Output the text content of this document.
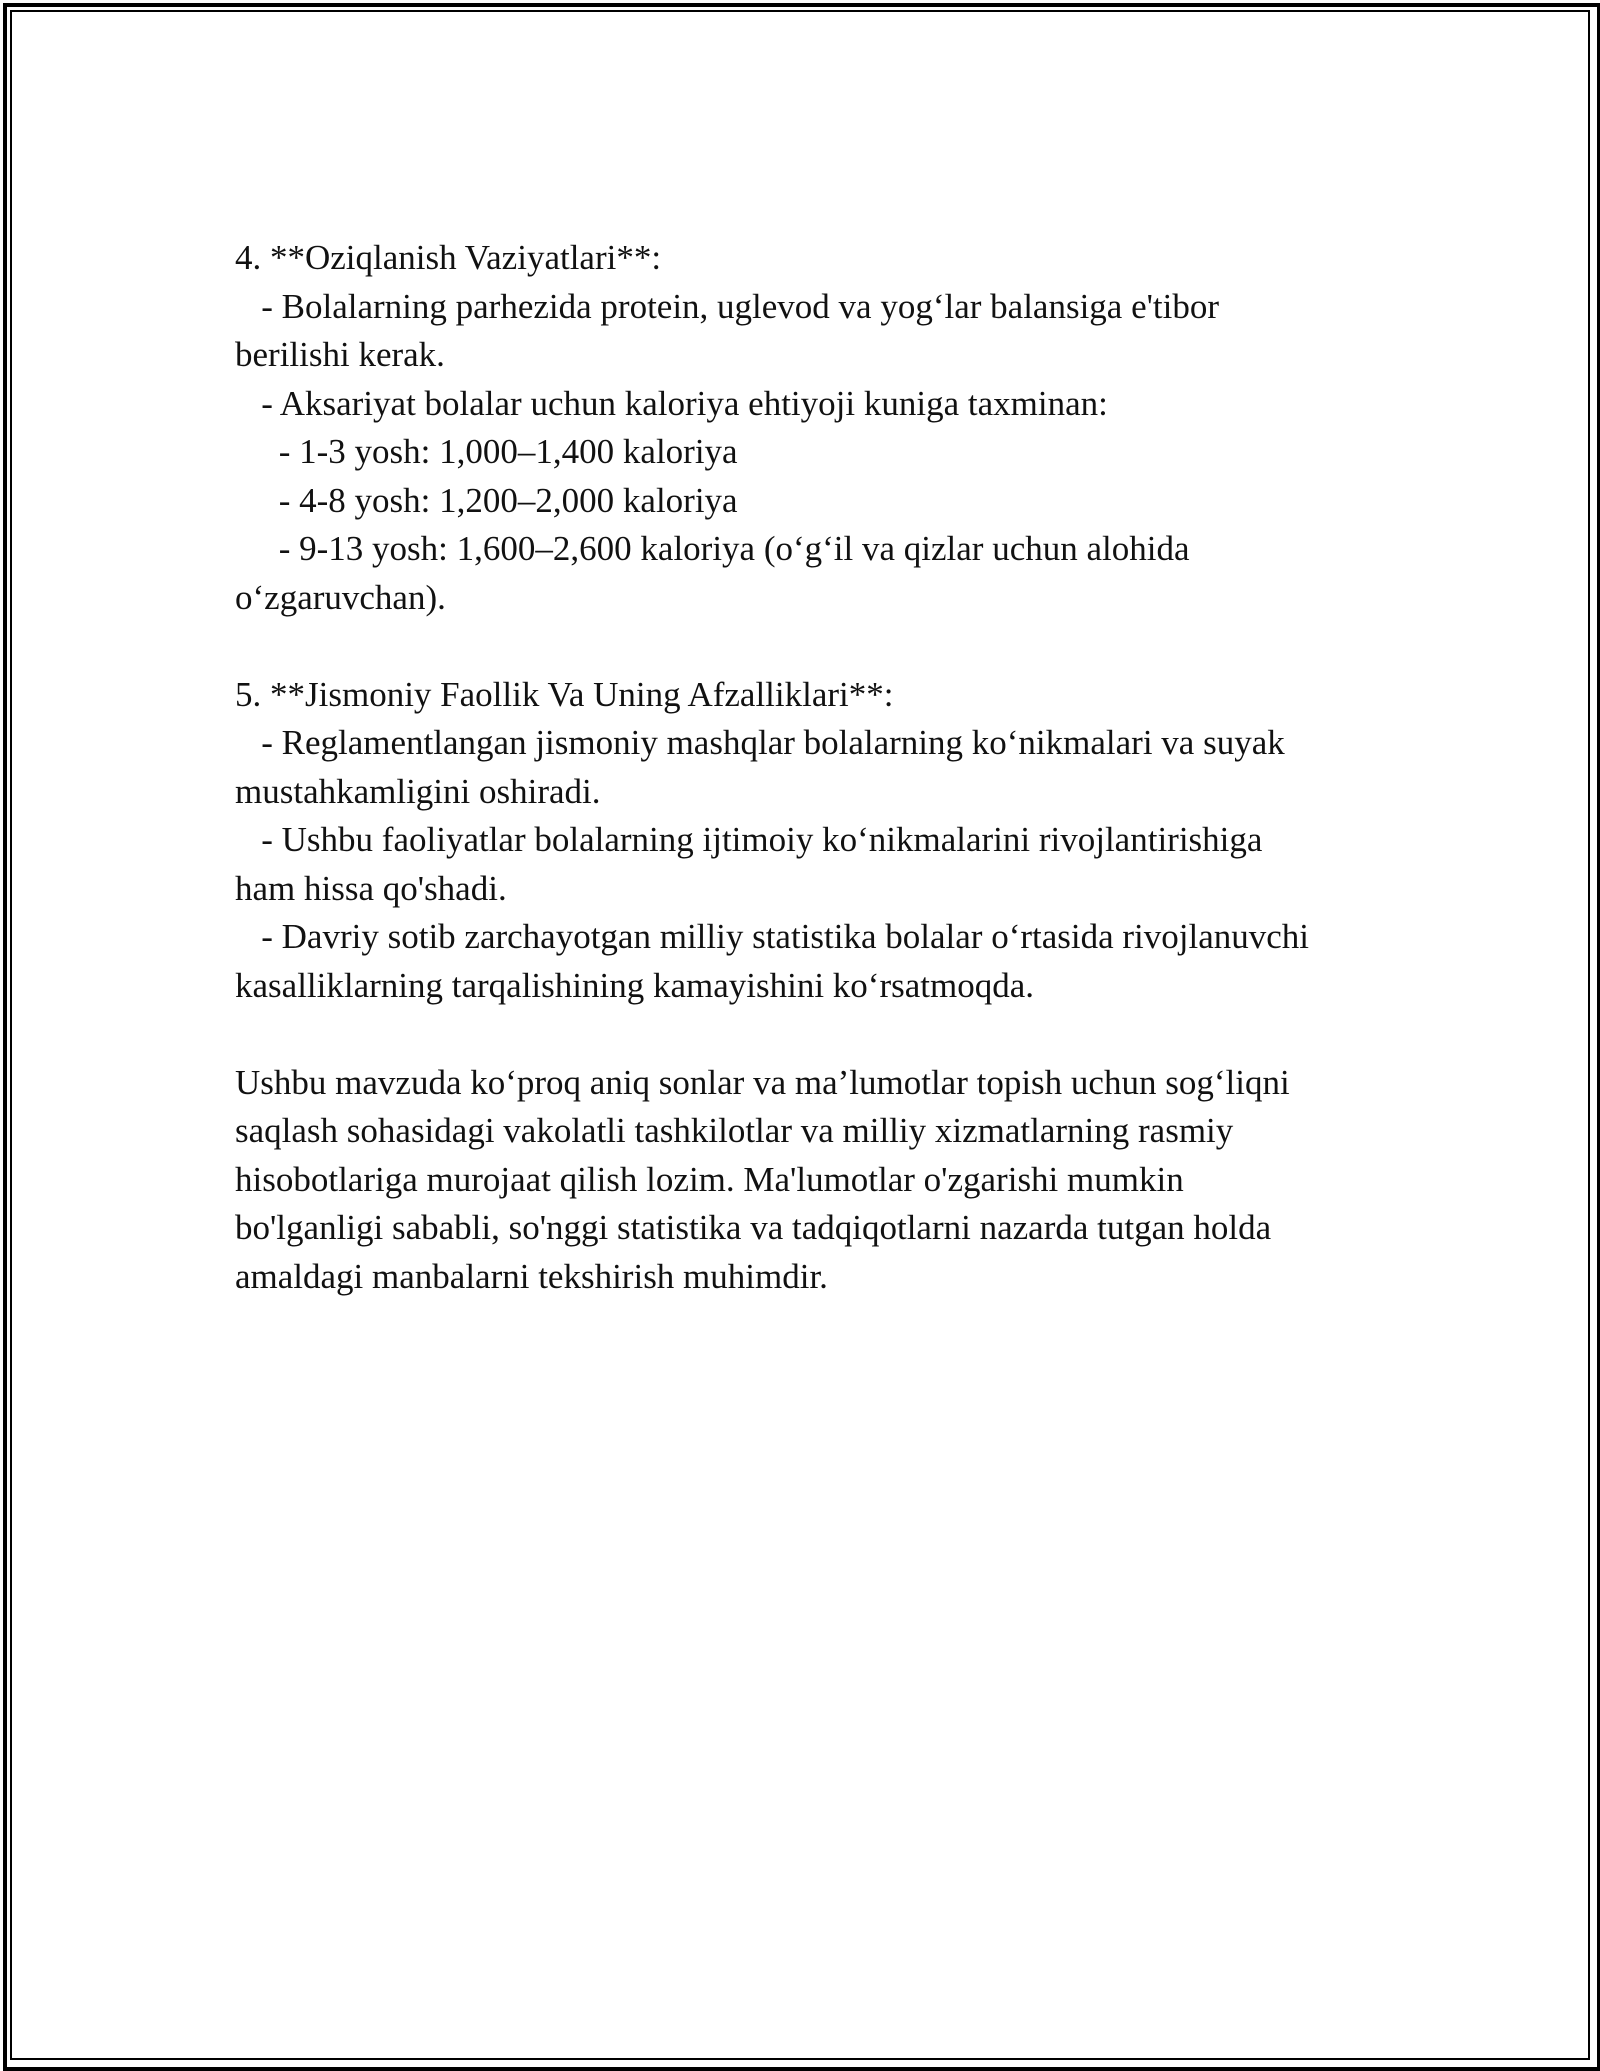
4. **Oziqlanish Vaziyatlari**:

- Bolalarning parhezida protein, uglevod va yog‘lar balansiga e'tibor

berilishi kerak.

- Aksariyat bolalar uchun kaloriya ehtiyoji kuniga taxminan:

- 1-3 yosh: 1,000–1,400 kaloriya

- 4-8 yosh: 1,200–2,000 kaloriya

- 9-13 yosh: 1,600–2,600 kaloriya (o‘g‘il va qizlar uchun alohida

o‘zgaruvchan).

5. **Jismoniy Faollik Va Uning Afzalliklari**:

- Reglamentlangan jismoniy mashqlar bolalarning ko‘nikmalari va suyak

mustahkamligini oshiradi.

- Ushbu faoliyatlar bolalarning ijtimoiy ko‘nikmalarini rivojlantirishiga

ham hissa qo'shadi.

- Davriy sotib zarchayotgan milliy statistika bolalar o‘rtasida rivojlanuvchi

kasalliklarning tarqalishining kamayishini ko‘rsatmoqda.

Ushbu mavzuda ko‘proq aniq sonlar va ma’lumotlar topish uchun sog‘liqni

saqlash sohasidagi vakolatli tashkilotlar va milliy xizmatlarning rasmiy

hisobotlariga murojaat qilish lozim. Ma'lumotlar o'zgarishi mumkin

bo'lganligi sababli, so'nggi statistika va tadqiqotlarni nazarda tutgan holda

amaldagi manbalarni tekshirish muhimdir.
